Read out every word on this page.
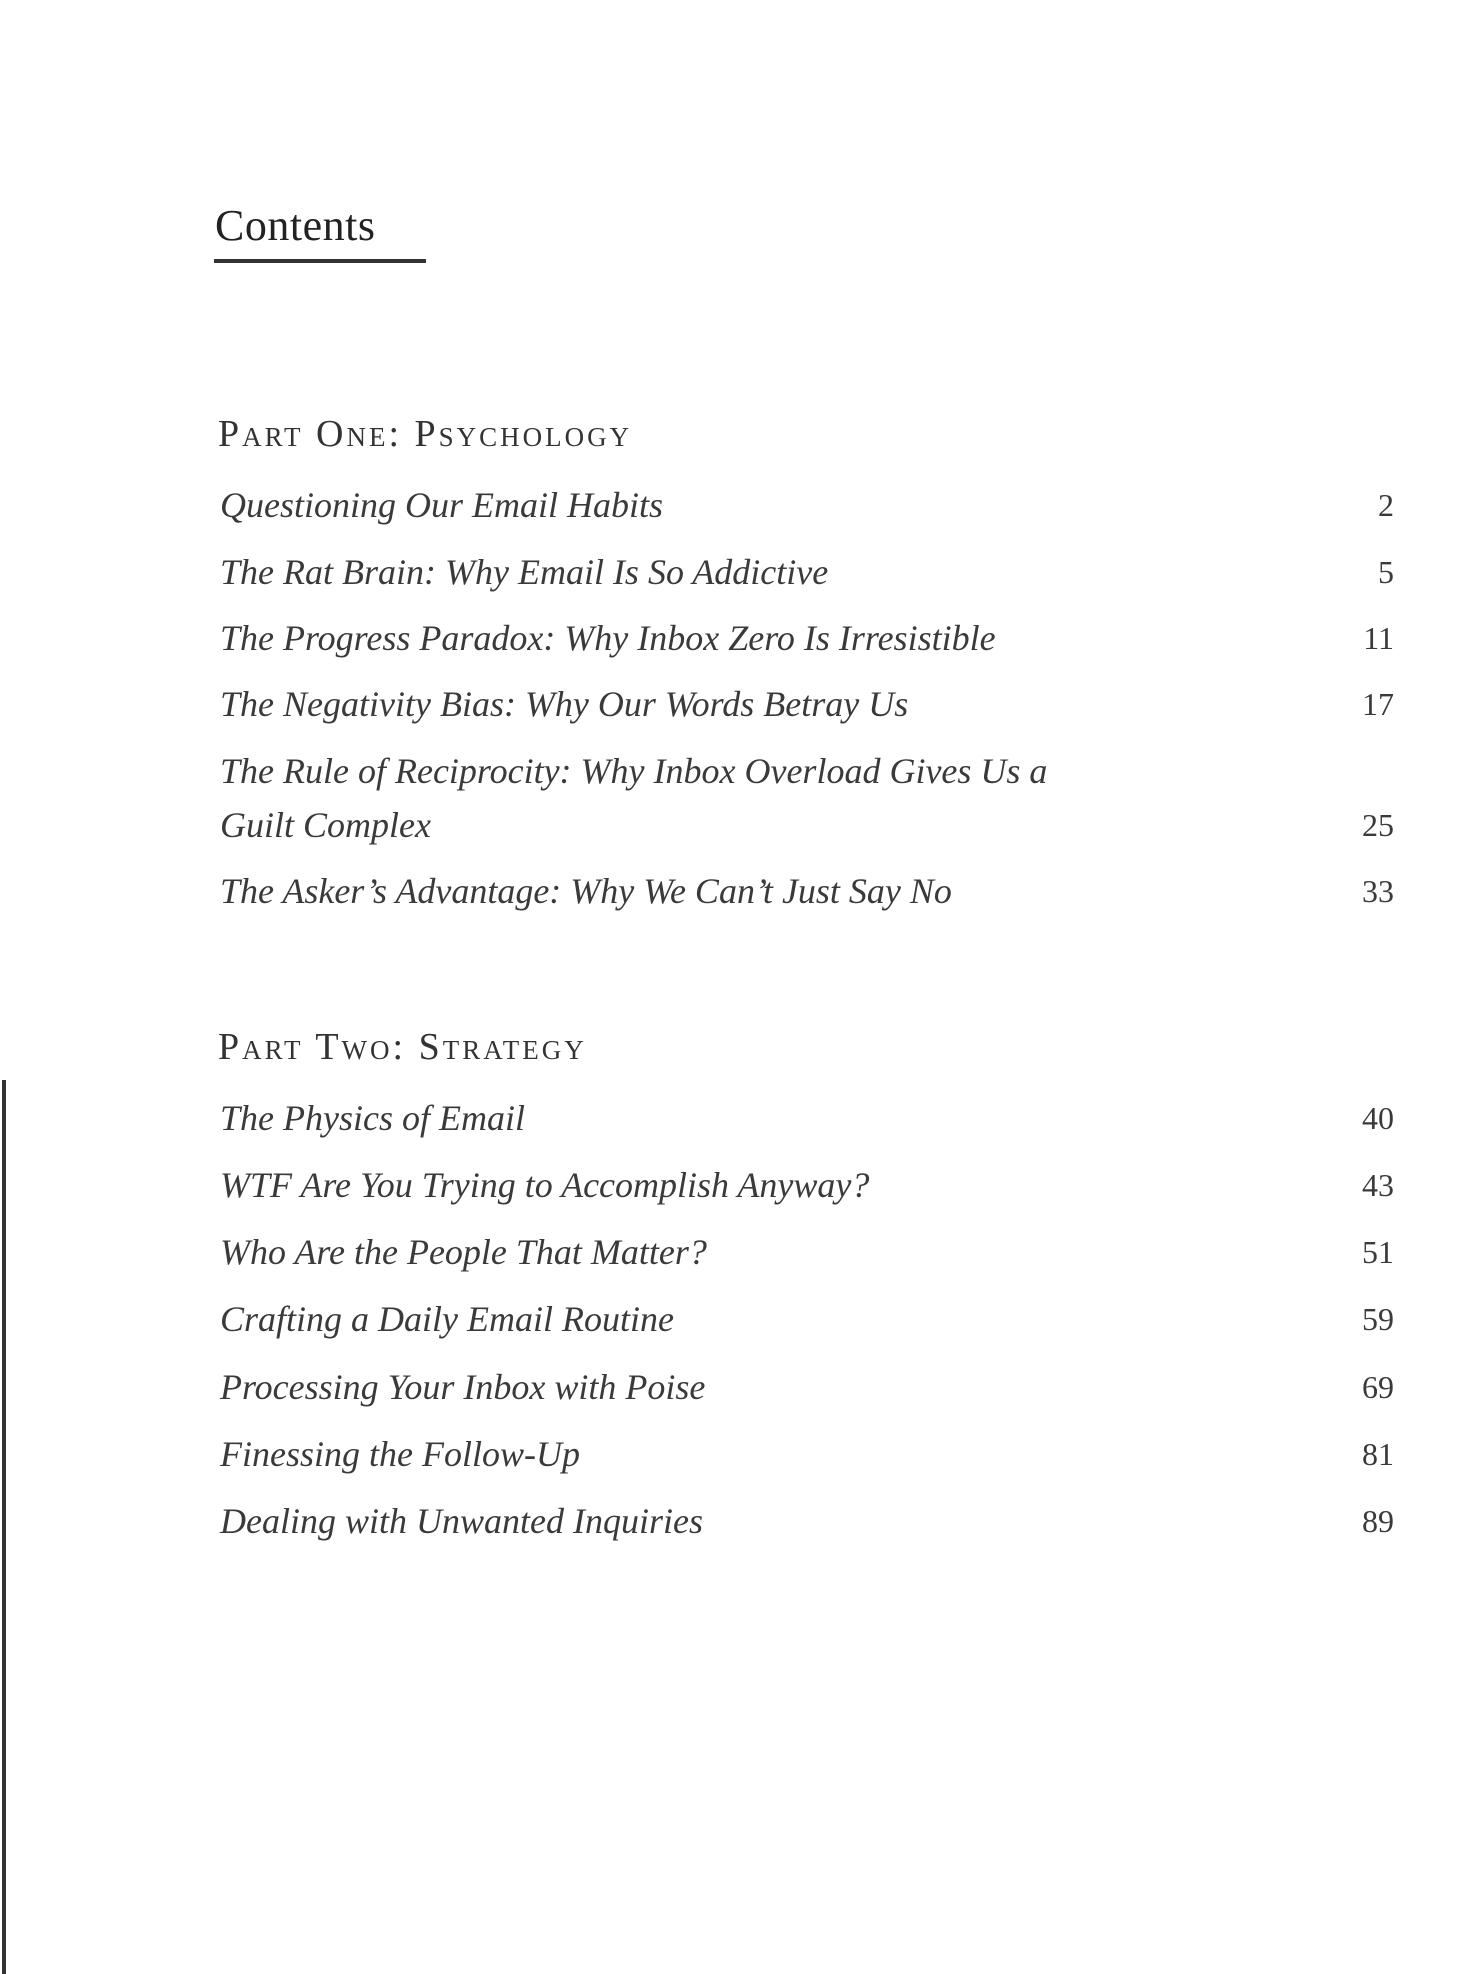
Contents
Part One: Psychology
Questioning Our Email Habits	2
The Rat Brain: Why Email Is So Addictive	5
The Progress Paradox: Why Inbox Zero Is Irresistible	11
The Negativity Bias: Why Our Words Betray Us	17
The Rule of Reciprocity: Why Inbox Overload Gives Us a Guilt Complex	25
The Asker’s Advantage: Why We Can’t Just Say No	33
Part Two: Strategy
The Physics of Email	40
WTF Are You Trying to Accomplish Anyway?	43
Who Are the People That Matter?	51
Crafting a Daily Email Routine	59
Processing Your Inbox with Poise	69
Finessing the Follow-Up	81
Dealing with Unwanted Inquiries	89
